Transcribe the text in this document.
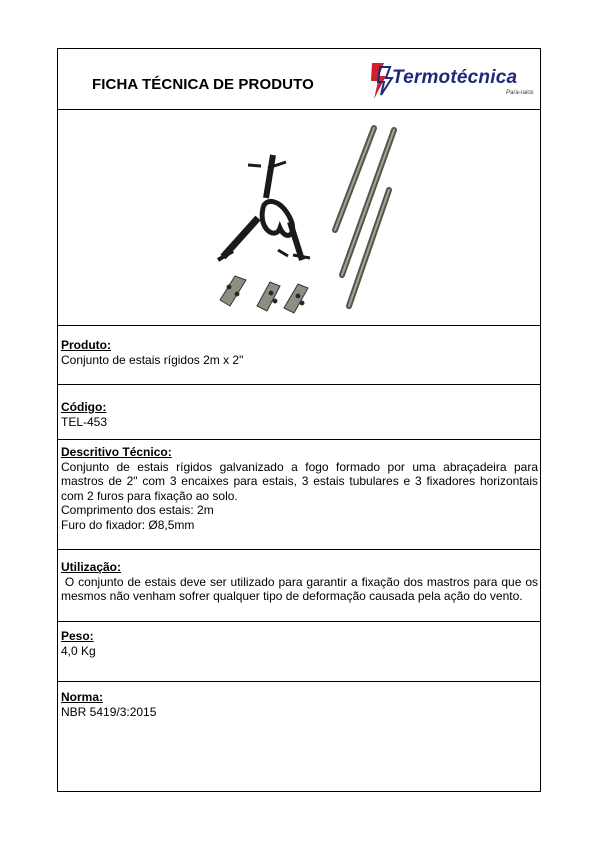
FICHA TÉCNICA DE PRODUTO	Termotécnica
Para-raios
Produto:
Conjunto de estais rígidos 2m x 2"
Código:
TEL-453
Descritivo Técnico:
Conjunto de estais rígidos galvanizado a fogo formado por uma abraçadeira para mastros de 2" com 3 encaixes para estais, 3 estais tubulares e 3 fixadores horizontais com 2 furos para fixação ao solo.
Comprimento dos estais: 2m
Furo do fixador: Ø8,5mm
Utilização:
O conjunto de estais deve ser utilizado para garantir a fixação dos mastros para que os mesmos não venham sofrer qualquer tipo de deformação causada pela ação do vento.
Peso:
4,0 Kg
Norma:
NBR 5419/3:2015
